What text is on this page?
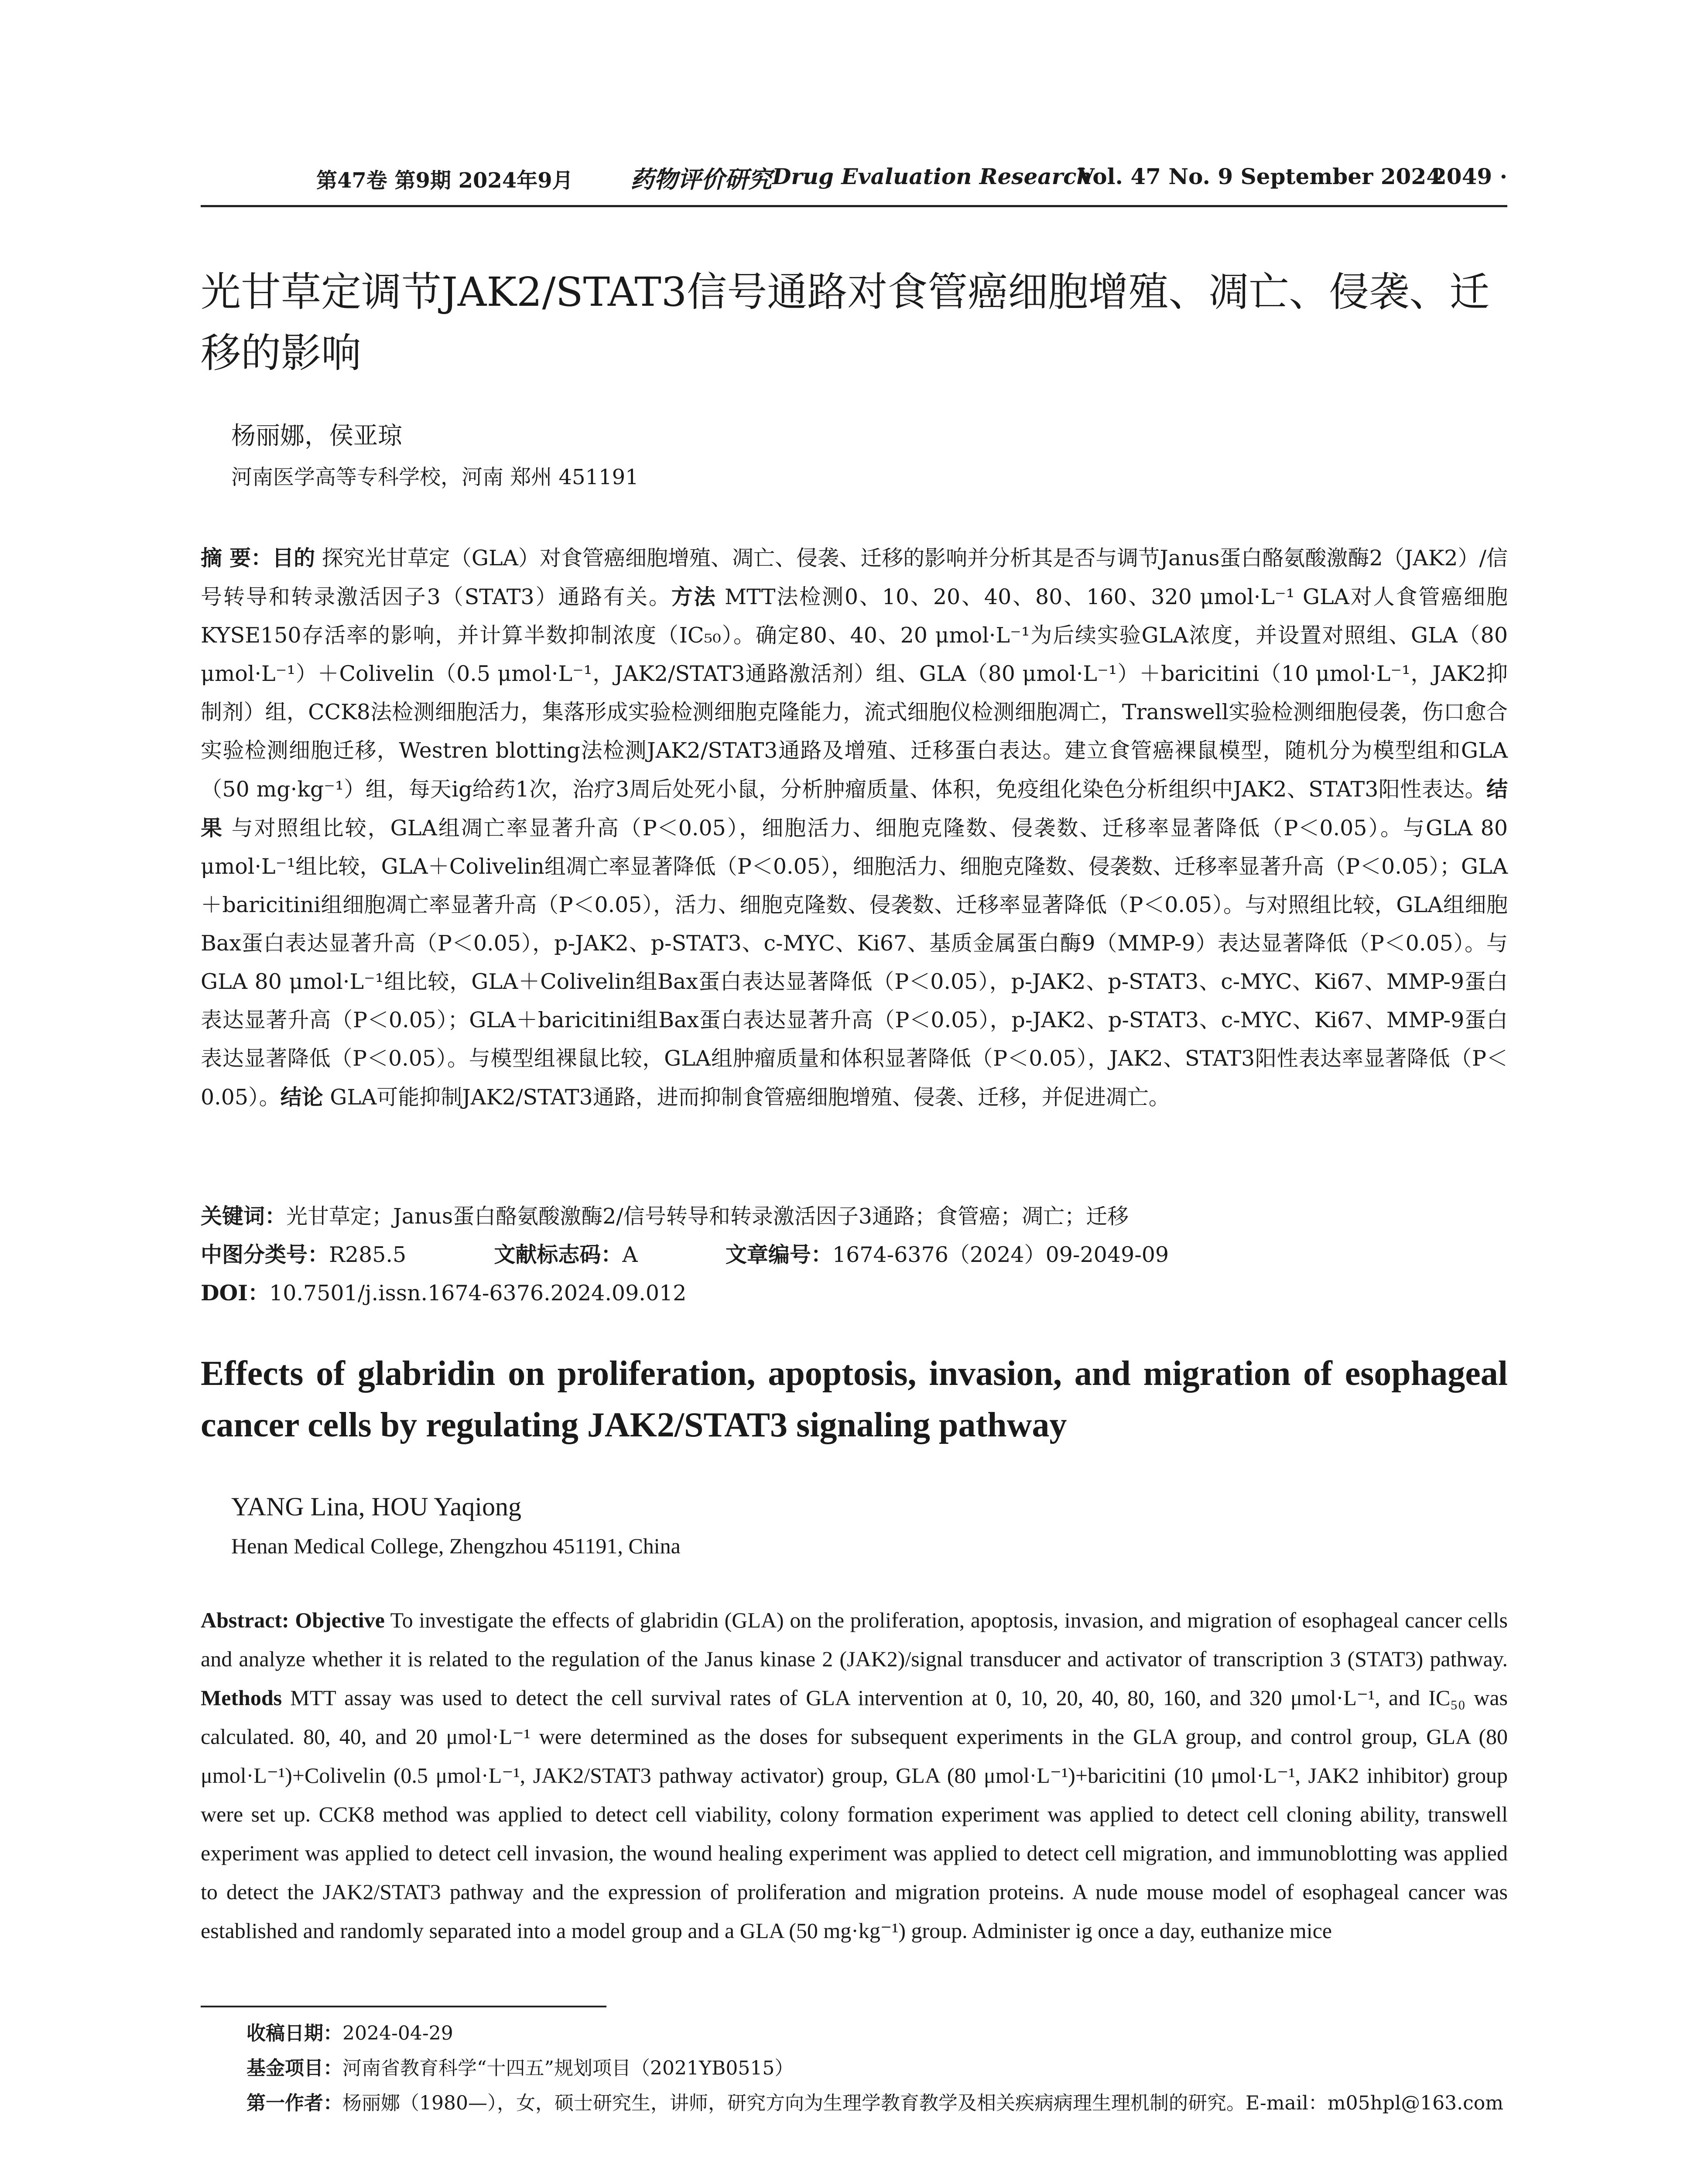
第47卷 第9期 2024年9月 药物评价研究 Drug Evaluation Research
Vol. 47 No. 9 September 2024
· 2049 ·
光甘草定调节JAK2/STAT3信号通路对食管癌细胞增殖、凋亡、侵袭、迁移的影响
杨丽娜，侯亚琼
河南医学高等专科学校，河南 郑州 451191
摘 要：目的 探究光甘草定（GLA）对食管癌细胞增殖、凋亡、侵袭、迁移的影响并分析其是否与调节Janus蛋白酪氨酸激酶2（JAK2）/信号转导和转录激活因子3（STAT3）通路有关。方法 MTT法检测0、10、20、40、80、160、320 μmol·L⁻¹ GLA对人食管癌细胞KYSE150存活率的影响，并计算半数抑制浓度（IC₅₀）。确定80、40、20 μmol·L⁻¹为后续实验GLA浓度，并设置对照组、GLA（80 μmol·L⁻¹）＋Colivelin（0.5 μmol·L⁻¹，JAK2/STAT3通路激活剂）组、GLA（80 μmol·L⁻¹）＋baricitini（10 μmol·L⁻¹，JAK2抑制剂）组，CCK8法检测细胞活力，集落形成实验检测细胞克隆能力，流式细胞仪检测细胞凋亡，Transwell实验检测细胞侵袭，伤口愈合实验检测细胞迁移，Westren blotting法检测JAK2/STAT3通路及增殖、迁移蛋白表达。建立食管癌裸鼠模型，随机分为模型组和GLA（50 mg·kg⁻¹）组，每天ig给药1次，治疗3周后处死小鼠，分析肿瘤质量、体积，免疫组化染色分析组织中JAK2、STAT3阳性表达。结果 与对照组比较，GLA组凋亡率显著升高（P＜0.05），细胞活力、细胞克隆数、侵袭数、迁移率显著降低（P＜0.05）。与GLA 80 μmol·L⁻¹组比较，GLA＋Colivelin组凋亡率显著降低（P＜0.05），细胞活力、细胞克隆数、侵袭数、迁移率显著升高（P＜0.05）；GLA＋baricitini组细胞凋亡率显著升高（P＜0.05），活力、细胞克隆数、侵袭数、迁移率显著降低（P＜0.05）。与对照组比较，GLA组细胞Bax蛋白表达显著升高（P＜0.05），p-JAK2、p-STAT3、c-MYC、Ki67、基质金属蛋白酶9（MMP-9）表达显著降低（P＜0.05）。与GLA 80 μmol·L⁻¹组比较，GLA＋Colivelin组Bax蛋白表达显著降低（P＜0.05），p-JAK2、p-STAT3、c-MYC、Ki67、MMP-9蛋白表达显著升高（P＜0.05）；GLA＋baricitini组Bax蛋白表达显著升高（P＜0.05），p-JAK2、p-STAT3、c-MYC、Ki67、MMP-9蛋白表达显著降低（P＜0.05）。与模型组裸鼠比较，GLA组肿瘤质量和体积显著降低（P＜0.05），JAK2、STAT3阳性表达率显著降低（P＜0.05）。结论 GLA可能抑制JAK2/STAT3通路，进而抑制食管癌细胞增殖、侵袭、迁移，并促进凋亡。
关键词：光甘草定；Janus蛋白酪氨酸激酶2/信号转导和转录激活因子3通路；食管癌；凋亡；迁移
中图分类号：R285.5	文献标志码：A	文章编号：1674-6376（2024）09-2049-09
DOI：10.7501/j.issn.1674-6376.2024.09.012
Effects of glabridin on proliferation, apoptosis, invasion, and migration of esophageal cancer cells by regulating JAK2/STAT3 signaling pathway
YANG Lina, HOU Yaqiong
Henan Medical College, Zhengzhou 451191, China
Abstract: Objective To investigate the effects of glabridin (GLA) on the proliferation, apoptosis, invasion, and migration of esophageal cancer cells and analyze whether it is related to the regulation of the Janus kinase 2 (JAK2)/signal transducer and activator of transcription 3 (STAT3) pathway. Methods MTT assay was used to detect the cell survival rates of GLA intervention at 0, 10, 20, 40, 80, 160, and 320 μmol·L⁻¹, and IC₅₀ was calculated. 80, 40, and 20 μmol·L⁻¹ were determined as the doses for subsequent experiments in the GLA group, and control group, GLA (80 μmol·L⁻¹)+Colivelin (0.5 μmol·L⁻¹, JAK2/STAT3 pathway activator) group, GLA (80 μmol·L⁻¹)+baricitini (10 μmol·L⁻¹, JAK2 inhibitor) group were set up. CCK8 method was applied to detect cell viability, colony formation experiment was applied to detect cell cloning ability, transwell experiment was applied to detect cell invasion, the wound healing experiment was applied to detect cell migration, and immunoblotting was applied to detect the JAK2/STAT3 pathway and the expression of proliferation and migration proteins. A nude mouse model of esophageal cancer was established and randomly separated into a model group and a GLA (50 mg·kg⁻¹) group. Administer ig once a day, euthanize mice
收稿日期：2024-04-29
基金项目：河南省教育科学“十四五”规划项目（2021YB0515）
第一作者：杨丽娜（1980—），女，硕士研究生，讲师，研究方向为生理学教育教学及相关疾病病理生理机制的研究。E-mail：m05hpl@163.com
